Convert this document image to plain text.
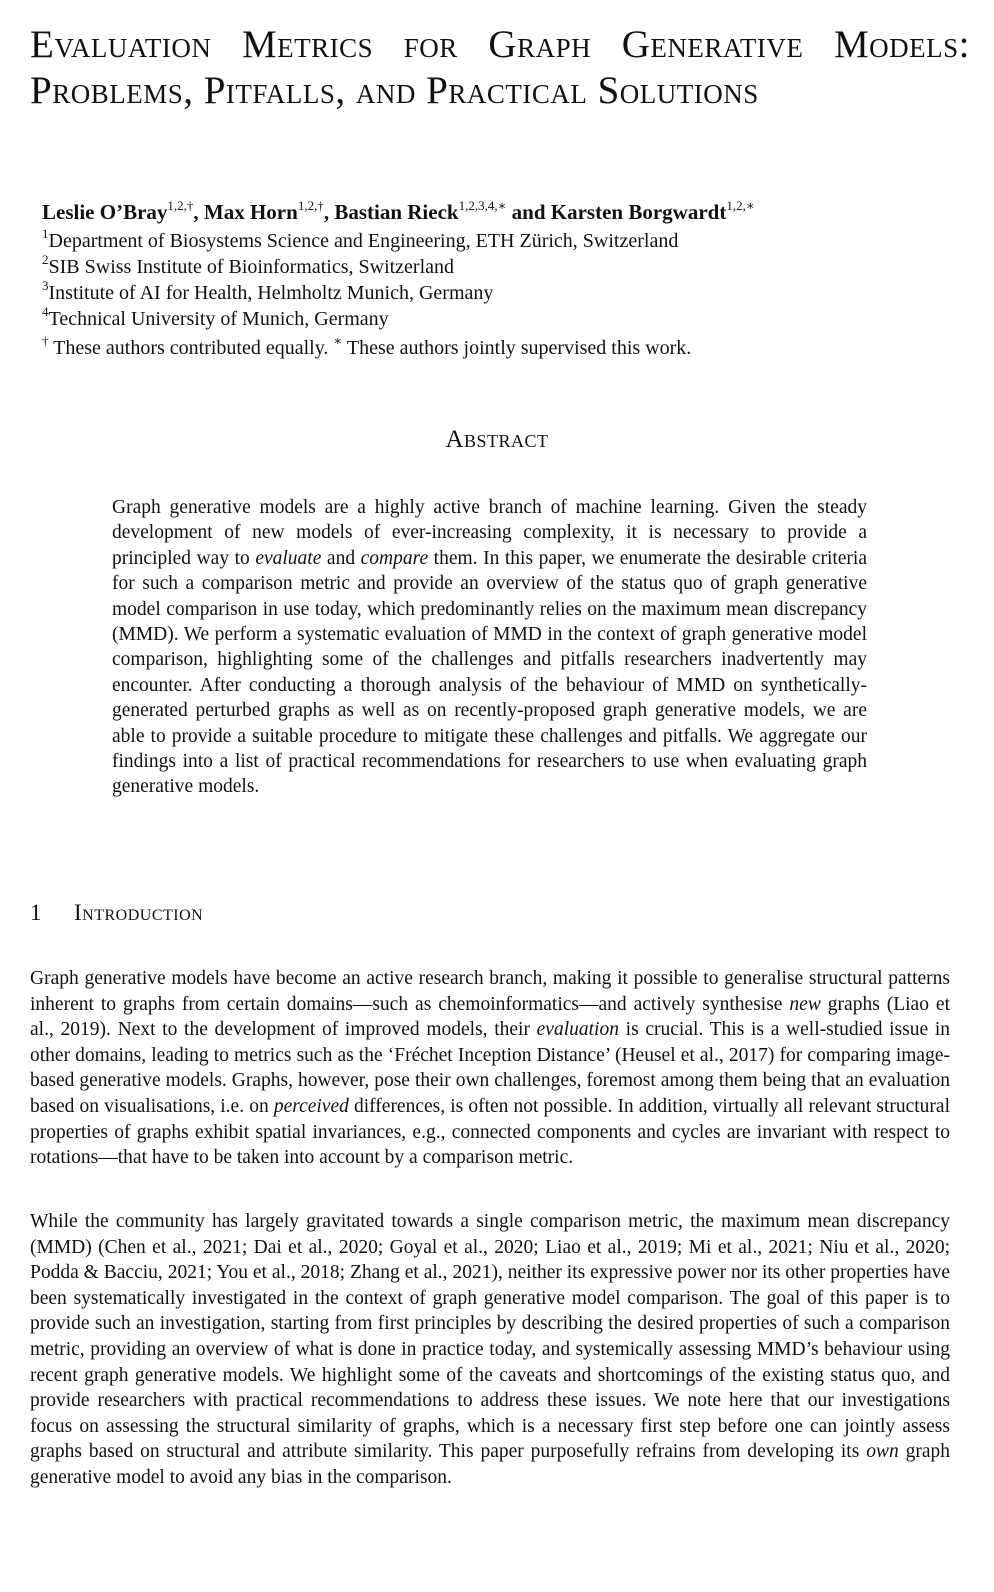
Evaluation Metrics for Graph Generative Models: Problems, Pitfalls, and Practical Solutions
Leslie O’Bray$^{1,2,\dagger}$, Max Horn$^{1,2,\dagger}$, Bastian Rieck$^{1,2,3,4,∗}$ and Karsten Borgwardt$^{1,2,∗}$
$^1$Department of Biosystems Science and Engineering, ETH Zürich, Switzerland
$^2$SIB Swiss Institute of Bioinformatics, Switzerland
$^3$Institute of AI for Health, Helmholtz Munich, Germany
$^4$Technical University of Munich, Germany
† These authors contributed equally. ∗ These authors jointly supervised this work.
Abstract

Graph generative models are a highly active branch of machine learning. Given the steady development of new models of ever-increasing complexity, it is necessary to provide a principled way to evaluate and compare them. In this paper, we enumerate the desirable criteria for such a comparison metric and provide an overview of the status quo of graph generative model comparison in use today, which predominantly relies on the maximum mean discrepancy (MMD). We perform a systematic evaluation of MMD in the context of graph generative model comparison, highlighting some of the challenges and pitfalls researchers inadvertently may encounter. After conducting a thorough analysis of the behaviour of MMD on synthetically-generated perturbed graphs as well as on recently-proposed graph generative models, we are able to provide a suitable procedure to mitigate these challenges and pitfalls. We aggregate our findings into a list of practical recommendations for researchers to use when evaluating graph generative models.

1 Introduction

Graph generative models have become an active research branch, making it possible to generalise structural patterns inherent to graphs from certain domains—such as chemoinformatics—and actively synthesise new graphs (Liao et al., 2019). Next to the development of improved models, their evaluation is crucial. This is a well-studied issue in other domains, leading to metrics such as the ‘Fréchet Inception Distance’ (Heusel et al., 2017) for comparing image-based generative models. Graphs, however, pose their own challenges, foremost among them being that an evaluation based on visualisations, i.e. on perceived differences, is often not possible. In addition, virtually all relevant structural properties of graphs exhibit spatial invariances, e.g., connected components and cycles are invariant with respect to rotations—that have to be taken into account by a comparison metric.

While the community has largely gravitated towards a single comparison metric, the maximum mean discrepancy (MMD) (Chen et al., 2021; Dai et al., 2020; Goyal et al., 2020; Liao et al., 2019; Mi et al., 2021; Niu et al., 2020; Podda & Bacciu, 2021; You et al., 2018; Zhang et al., 2021), neither its expressive power nor its other properties have been systematically investigated in the context of graph generative model comparison. The goal of this paper is to provide such an investigation, starting from first principles by describing the desired properties of such a comparison metric, providing an overview of what is done in practice today, and systemically assessing MMD’s behaviour using recent graph generative models. We highlight some of the caveats and shortcomings of the existing status quo, and provide researchers with practical recommendations to address these issues. We note here that our investigations focus on assessing the structural similarity of graphs, which is a necessary first step before one can jointly assess graphs based on structural and attribute similarity. This paper purposefully refrains from developing its own graph generative model to avoid any bias in the comparison.
